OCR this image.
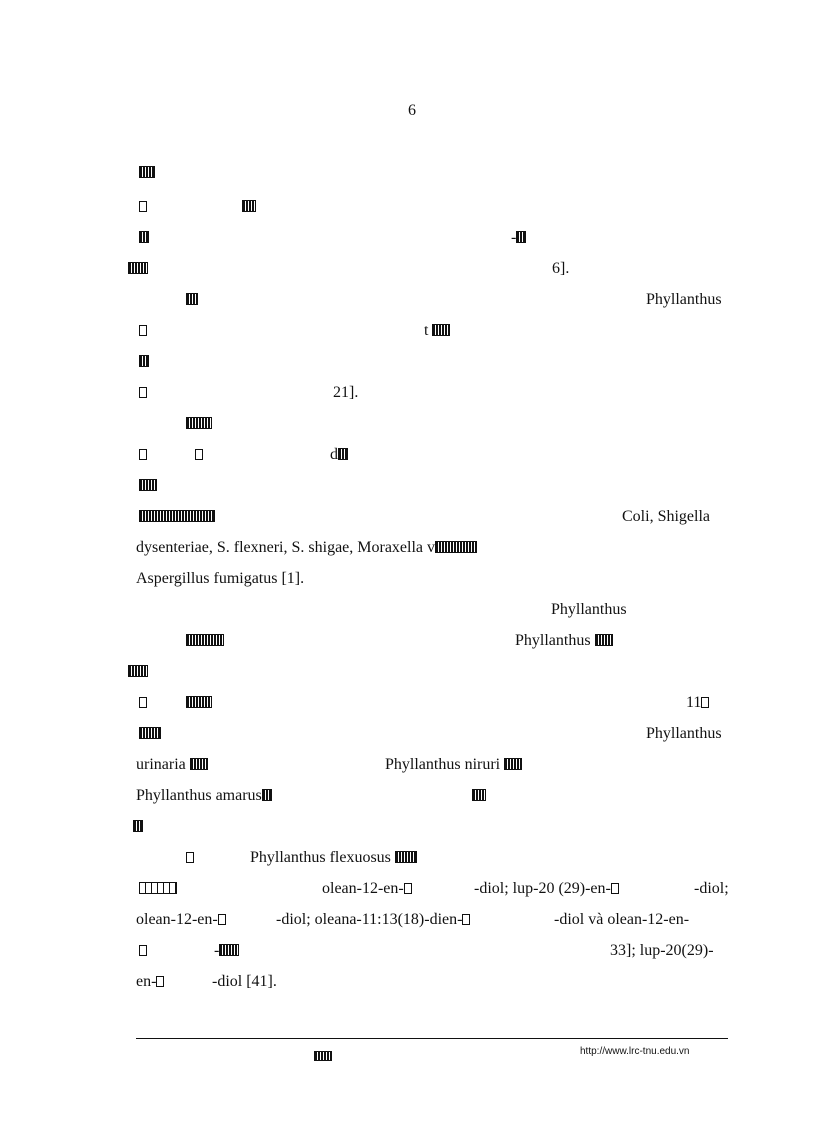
6
-
6].
Phyllanthus
t
21].
d
Coli, Shigella
dysenteriae, S. flexneri, S. shigae, Moraxella v
Aspergillus fumigatus [1].
Phyllanthus
Phyllanthus
11
Phyllanthus
urinaria	Phyllanthus niruri
Phyllanthus amarus
Phyllanthus flexuosus
olean-12-en-	-diol; lup-20 (29)-en-	-diol;
olean-12-en-	-diol; oleana-11:13(18)-dien-	-diol và olean-12-en-
-	33]; lup-20(29)-
en-	-diol [41].
http://www.lrc-tnu.edu.vn
